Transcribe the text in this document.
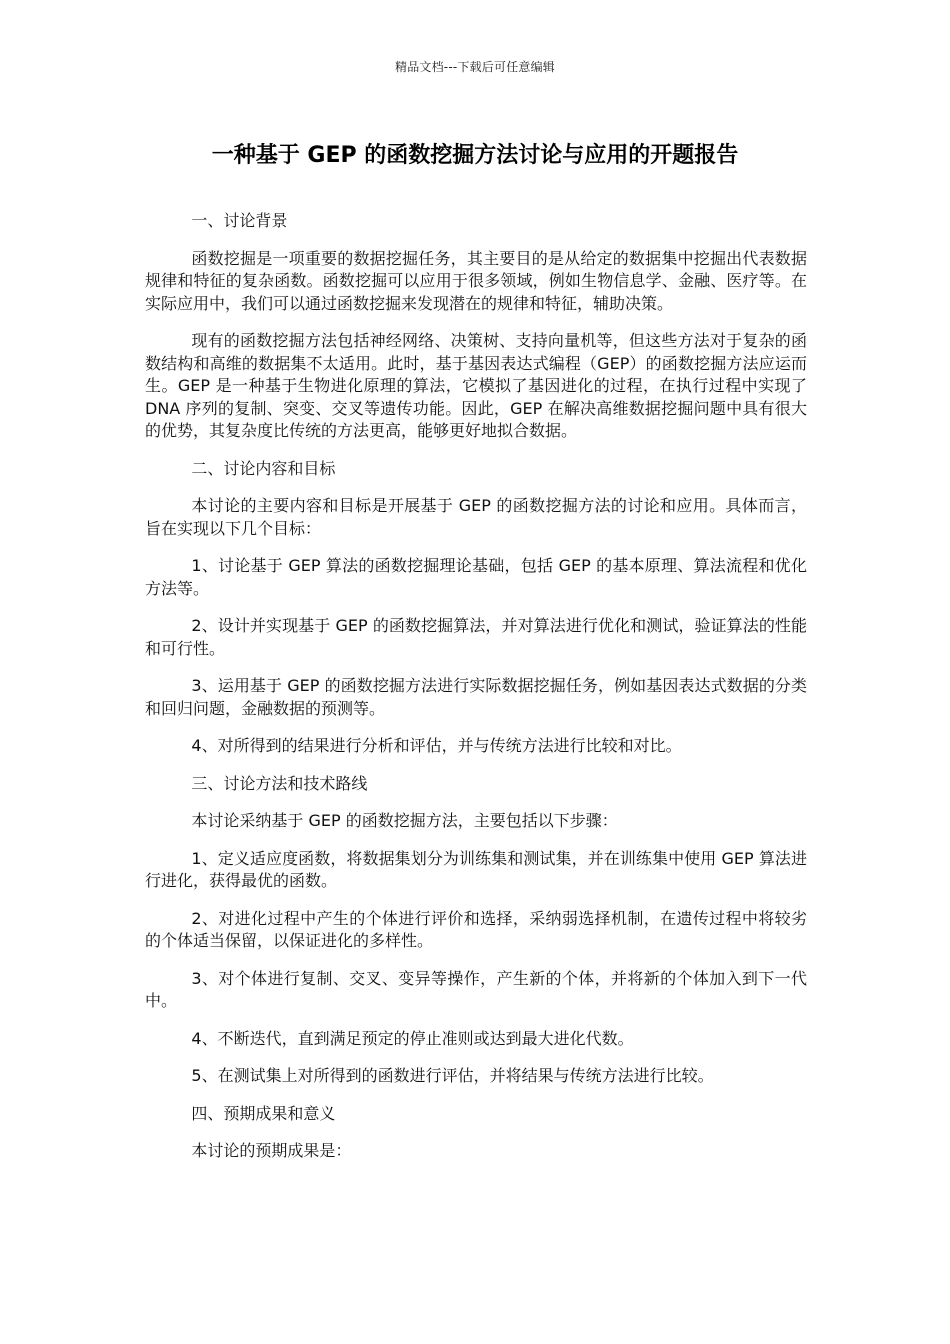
精品文档---下载后可任意编辑
一种基于 GEP 的函数挖掘方法讨论与应用的开题报告

一、讨论背景

函数挖掘是一项重要的数据挖掘任务，其主要目的是从给定的数据集中挖掘出代表数据规律和特征的复杂函数。函数挖掘可以应用于很多领域，例如生物信息学、金融、医疗等。在实际应用中，我们可以通过函数挖掘来发现潜在的规律和特征，辅助决策。

现有的函数挖掘方法包括神经网络、决策树、支持向量机等，但这些方法对于复杂的函数结构和高维的数据集不太适用。此时，基于基因表达式编程（GEP）的函数挖掘方法应运而生。GEP 是一种基于生物进化原理的算法，它模拟了基因进化的过程，在执行过程中实现了 DNA 序列的复制、突变、交叉等遗传功能。因此，GEP 在解决高维数据挖掘问题中具有很大的优势，其复杂度比传统的方法更高，能够更好地拟合数据。

二、讨论内容和目标

本讨论的主要内容和目标是开展基于 GEP 的函数挖掘方法的讨论和应用。具体而言，旨在实现以下几个目标：

1、讨论基于 GEP 算法的函数挖掘理论基础，包括 GEP 的基本原理、算法流程和优化方法等。

2、设计并实现基于 GEP 的函数挖掘算法，并对算法进行优化和测试，验证算法的性能和可行性。

3、运用基于 GEP 的函数挖掘方法进行实际数据挖掘任务，例如基因表达式数据的分类和回归问题，金融数据的预测等。

4、对所得到的结果进行分析和评估，并与传统方法进行比较和对比。

三、讨论方法和技术路线

本讨论采纳基于 GEP 的函数挖掘方法，主要包括以下步骤：

1、定义适应度函数，将数据集划分为训练集和测试集，并在训练集中使用 GEP 算法进行进化，获得最优的函数。

2、对进化过程中产生的个体进行评价和选择，采纳弱选择机制，在遗传过程中将较劣的个体适当保留，以保证进化的多样性。

3、对个体进行复制、交叉、变异等操作，产生新的个体，并将新的个体加入到下一代中。

4、不断迭代，直到满足预定的停止准则或达到最大进化代数。

5、在测试集上对所得到的函数进行评估，并将结果与传统方法进行比较。

四、预期成果和意义

本讨论的预期成果是：
